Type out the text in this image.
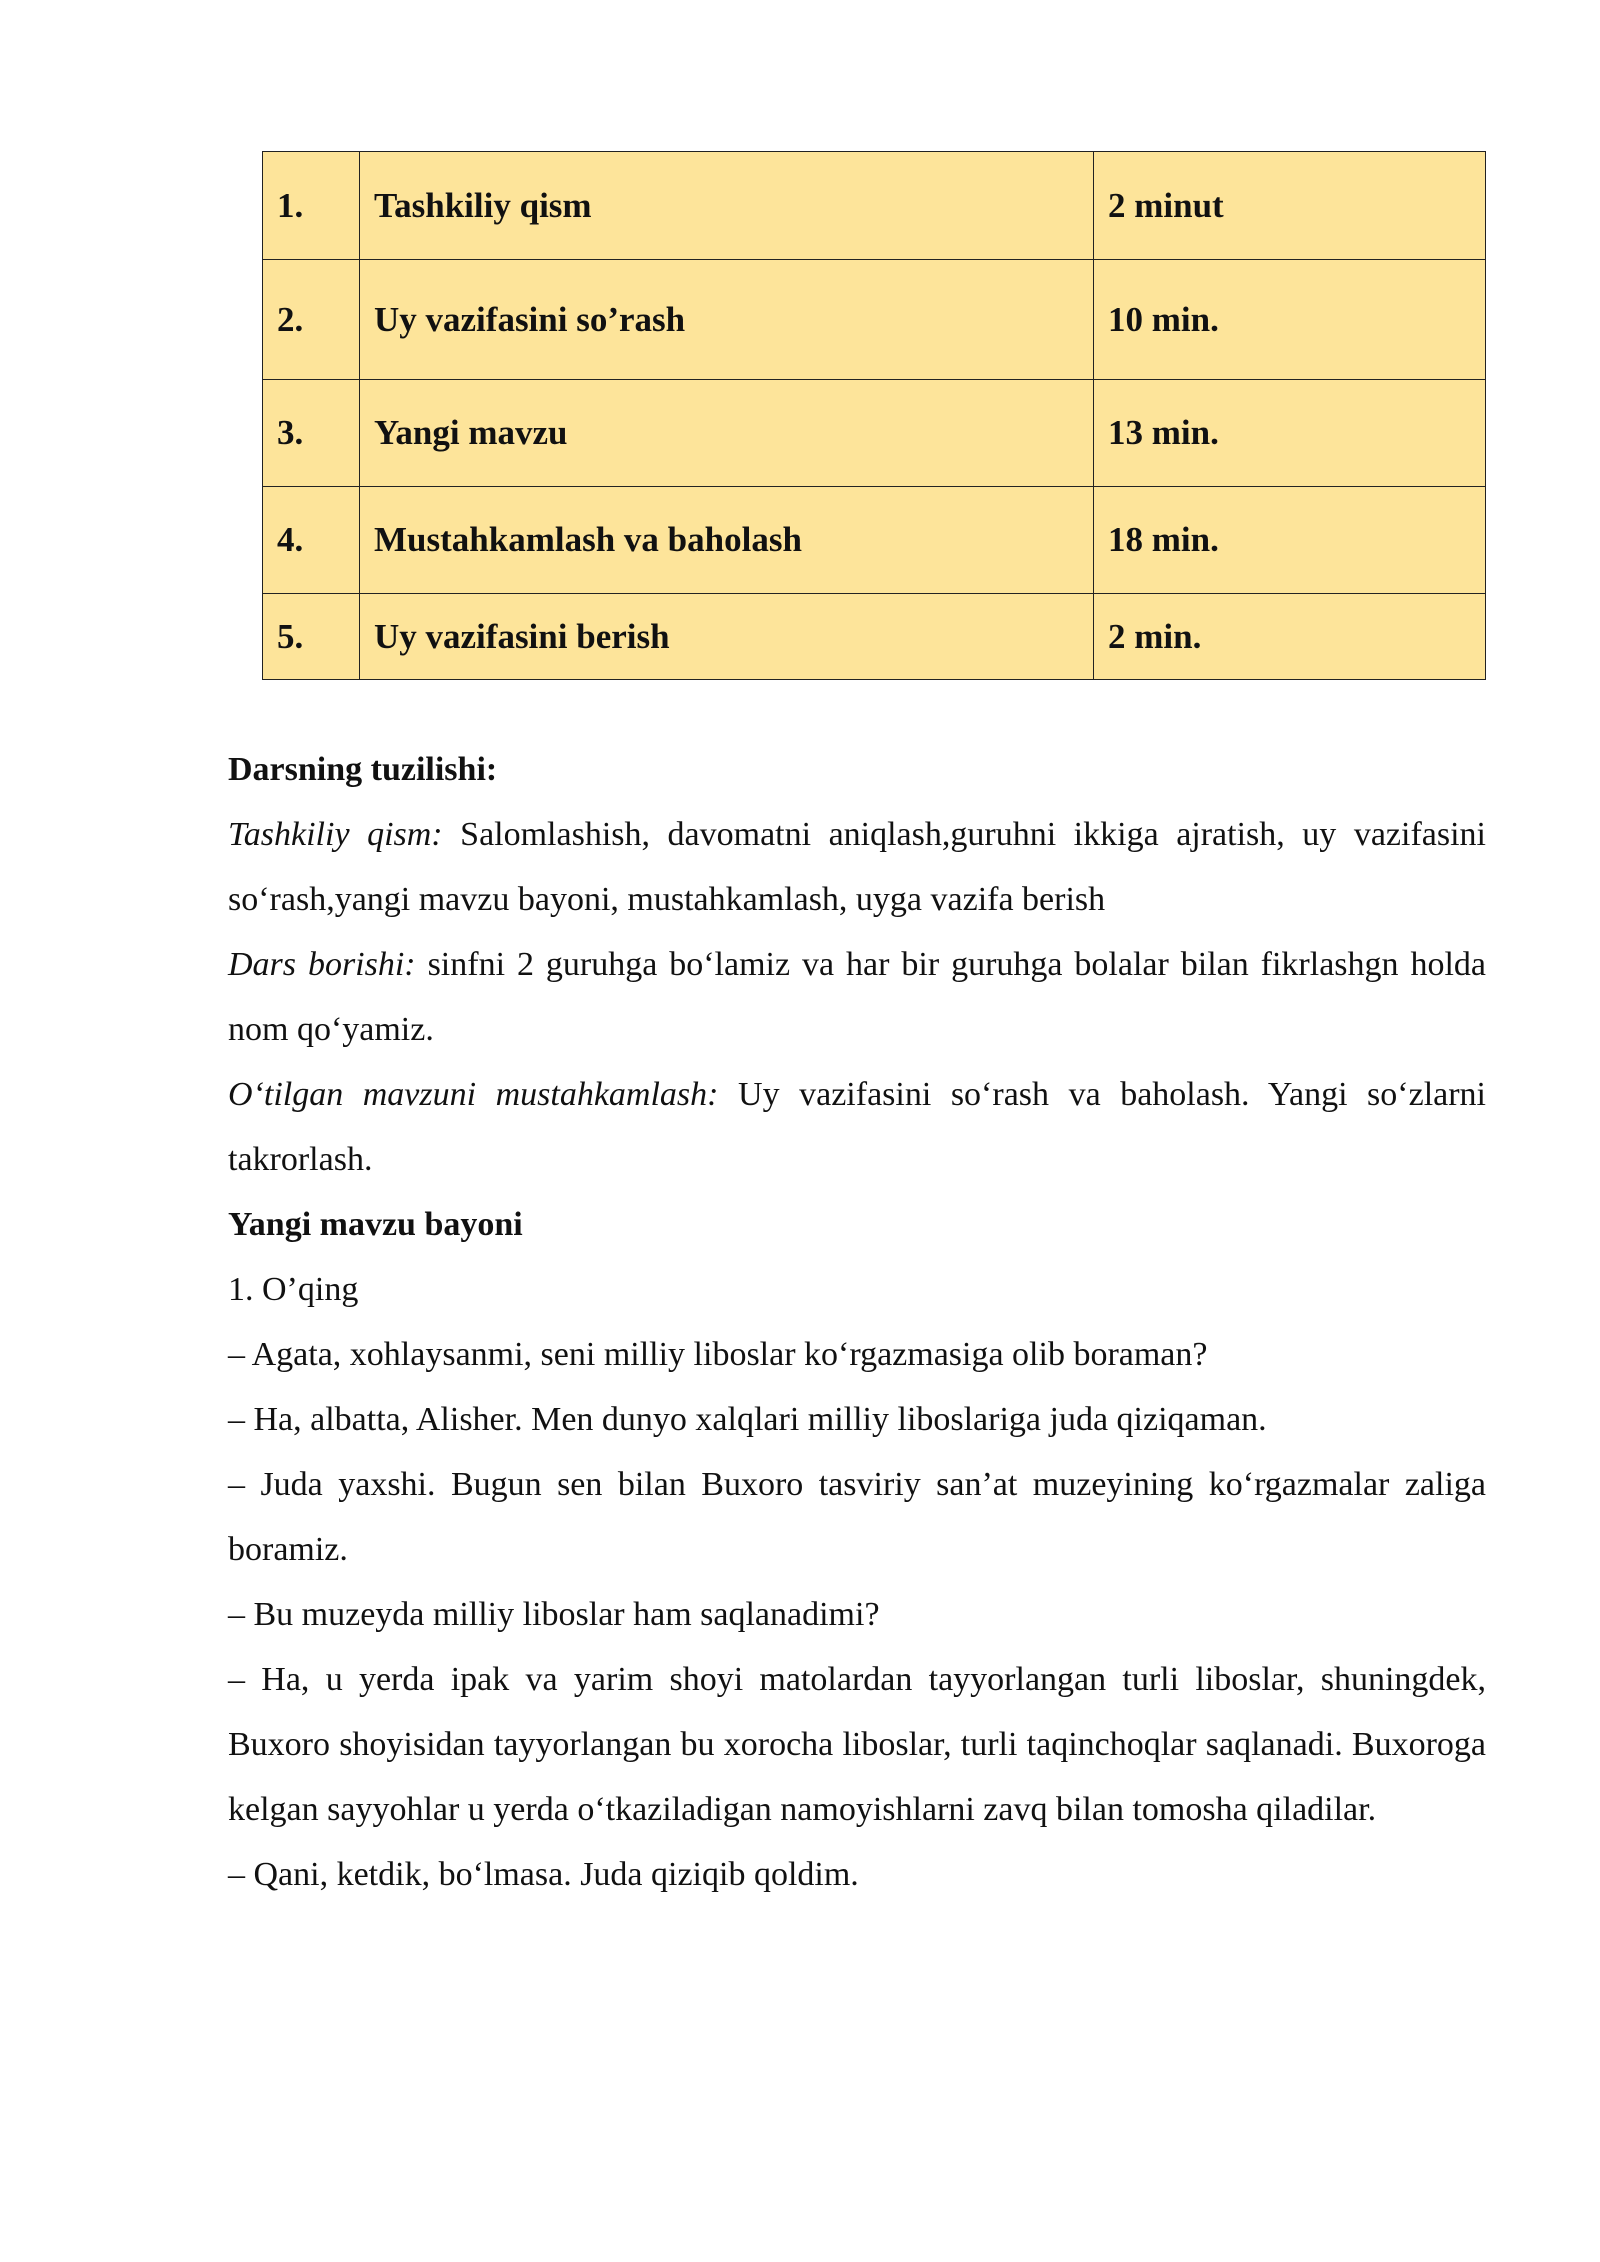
1.	Tashkiliy qism	2 minut
2.	Uy vazifasini so’rash	10 min.
3.	Yangi mavzu	13 min.
4.	Mustahkamlash va baholash	18 min.
5.	Uy vazifasini berish	2 min.

Darsning tuzilishi:

Tashkiliy qism: Salomlashish, davomatni aniqlash,guruhni ikkiga ajratish, uy vazifasini so‘rash,yangi mavzu bayoni, mustahkamlash, uyga vazifa berish

Dars borishi: sinfni 2 guruhga bo‘lamiz va har bir guruhga bolalar bilan fikrlashgn holda nom qo‘yamiz.

O‘tilgan mavzuni mustahkamlash: Uy vazifasini so‘rash va baholash. Yangi so‘zlarni takrorlash.

Yangi mavzu bayoni

1. O’qing

– Agata, xohlaysanmi, seni milliy liboslar ko‘rgazmasiga olib boraman?

– Ha, albatta, Alisher. Men dunyo xalqlari milliy liboslariga juda qiziqaman.

– Juda yaxshi. Bugun sen bilan Buxoro tasviriy san’at muzeyining ko‘rgazmalar zaliga boramiz.

– Bu muzeyda milliy liboslar ham saqlanadimi?

– Ha, u yerda ipak va yarim shoyi matolardan tayyorlangan turli liboslar, shuningdek, Buxoro shoyisidan tayyorlangan bu xorocha liboslar, turli taqinchoqlar saqlanadi. Buxoroga kelgan sayyohlar u yerda o‘tkaziladigan namoyishlarni zavq bilan tomosha qiladilar.

– Qani, ketdik, bo‘lmasa. Juda qiziqib qoldim.
